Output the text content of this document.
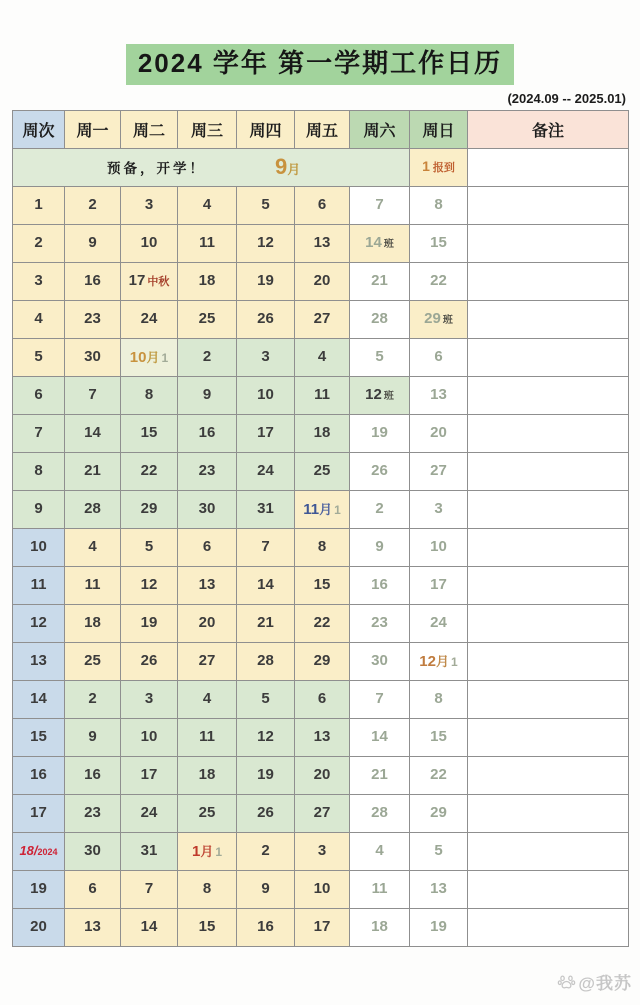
2024 学年 第一学期工作日历
(2024.09 -- 2025.01)
周次	周一	周二	周三	周四	周五	周六	周日	备注

预备，开学！ 9月							1 报到	
1	2	3	4	5	6	7	8	
2	9	10	11	12	13	14 班	15	
3	16	17 中秋	18	19	20	21	22	
4	23	24	25	26	27	28	29 班	
5	30	10月 1	2	3	4	5	6	
6	7	8	9	10	11	12 班	13	
7	14	15	16	17	18	19	20	
8	21	22	23	24	25	26	27	
9	28	29	30	31	11月 1	2	3	
10	4	5	6	7	8	9	10	
11	11	12	13	14	15	16	17	
12	18	19	20	21	22	23	24	
13	25	26	27	28	29	30	12月 1	
14	2	3	4	5	6	7	8	
15	9	10	11	12	13	14	15	
16	16	17	18	19	20	21	22	
17	23	24	25	26	27	28	29	
18/2024	30	31	1月 1	2	3	4	5	
19	6	7	8	9	10	11	13	
20	13	14	15	16	17	18	19	
@我苏
